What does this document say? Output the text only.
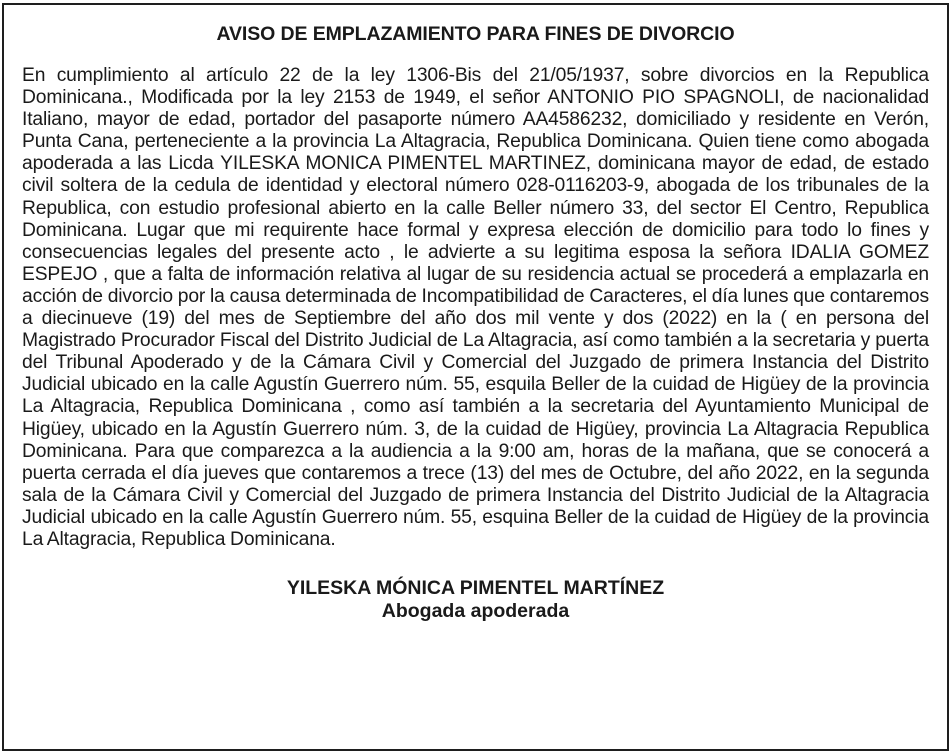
AVISO DE EMPLAZAMIENTO PARA FINES DE DIVORCIO
En cumplimiento al artículo 22 de la ley 1306-Bis del 21/05/1937, sobre divorcios en la Republica Dominicana., Modificada por la ley 2153 de 1949, el señor ANTONIO PIO SPAGNOLI, de nacionalidad Italiano, mayor de edad, portador del pasaporte número AA4586232, domiciliado y residente en Verón, Punta Cana, perteneciente a la provincia La Altagracia, Republica Dominicana. Quien tiene como abogada apoderada a las Licda YILESKA MONICA PIMENTEL MARTINEZ, dominicana mayor de edad, de estado civil soltera de la cedula de identidad y electoral número 028-0116203-9, abogada de los tribunales de la Republica, con estudio profesional abierto en la calle Beller número 33, del sector El Centro, Republica Dominicana. Lugar que mi requirente hace formal y expresa elección de domicilio para todo lo fines y consecuencias legales del presente acto , le advierte a su legitima esposa la señora IDALIA GOMEZ ESPEJO , que a falta de información relativa al lugar de su residencia actual se procederá a emplazarla en acción de divorcio por la causa determinada de Incompatibilidad de Caracteres, el día lunes que contaremos a diecinueve (19) del mes de Septiembre del año dos mil vente y dos (2022) en la ( en persona del Magistrado Procurador Fiscal del Distrito Judicial de La Altagracia, así como también a la secretaria y puerta del Tribunal Apoderado y de la Cámara Civil y Comercial del Juzgado de primera Instancia del Distrito Judicial ubicado en la calle Agustín Guerrero núm. 55, esquila Beller de la cuidad de Higüey de la provincia La Altagracia, Republica Dominicana , como así también a la secretaria del Ayuntamiento Municipal de Higüey, ubicado en la Agustín Guerrero núm. 3, de la cuidad de Higüey, provincia La Altagracia Republica Dominicana. Para que comparezca a la audiencia a la 9:00 am, horas de la mañana, que se conocerá a puerta cerrada el día jueves que contaremos a trece (13) del mes de Octubre, del año 2022, en la segunda sala de la Cámara Civil y Comercial del Juzgado de primera Instancia del Distrito Judicial de la Altagracia Judicial ubicado en la calle Agustín Guerrero núm. 55, esquina Beller de la cuidad de Higüey de la provincia La Altagracia, Republica Dominicana.
YILESKA MÓNICA PIMENTEL MARTÍNEZ
Abogada apoderada
